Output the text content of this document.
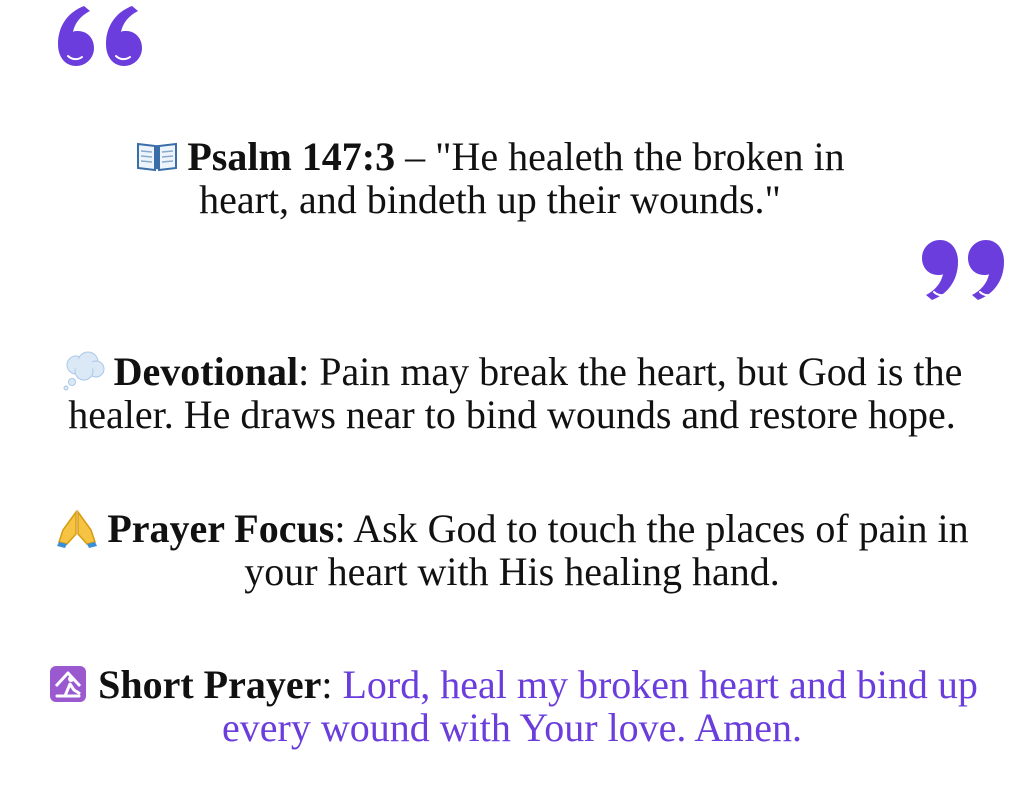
Psalm 147:3 – "He healeth the broken in
heart, and bindeth up their wounds."
Devotional: Pain may break the heart, but God is the
healer. He draws near to bind wounds and restore hope.
Prayer Focus: Ask God to touch the places of pain in
your heart with His healing hand.
Short Prayer: Lord, heal my broken heart and bind up
every wound with Your love. Amen.
